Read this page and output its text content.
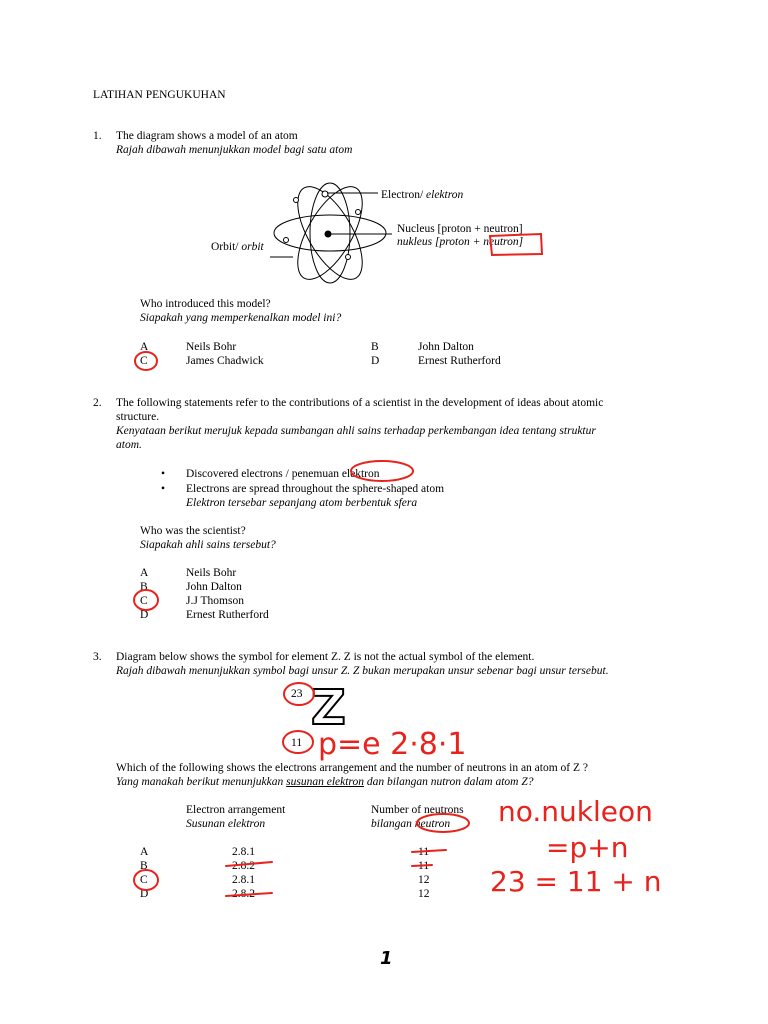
LATIHAN PENGUKUHAN
1. The diagram shows a model of an atom
Rajah dibawah menunjukkan model bagi satu atom
Electron/ elektron
Nucleus [proton + neutron]
nukleus [proton + neutron]
Orbit/ orbit
Who introduced this model?
Siapakah yang memperkenalkan model ini?
A	Neils Bohr	B	John Dalton
C	James Chadwick	D	Ernest Rutherford
2. The following statements refer to the contributions of a scientist in the development of ideas about atomic
structure.
Kenyataan berikut merujuk kepada sumbangan ahli sains terhadap perkembangan idea tentang struktur
atom.
• Discovered electrons / penemuan elektron
• Electrons are spread throughout the sphere-shaped atom
Elektron tersebar sepanjang atom berbentuk sfera
Who was the scientist?
Siapakah ahli sains tersebut?
A	Neils Bohr
B	John Dalton
C	J.J Thomson
D	Ernest Rutherford
3. Diagram below shows the symbol for element Z. Z is not the actual symbol of the element.
Rajah dibawah menunjukkan symbol bagi unsur Z. Z bukan merupakan unsur sebenar bagi unsur tersebut.
23
11
Z
Which of the following shows the electrons arrangement and the number of neutrons in an atom of Z ?
Yang manakah berikut menunjukkan susunan elektron dan bilangan nutron dalam atom Z?
Electron arrangement
Susunan elektron
Number of neutrons
bilangan neutron
A	2.8.1	11
B	2.8.2	11
C	2.8.1	12
D	2.8.2	12
p=e 2·8·1
no.nukleon
=p+n
23 = 11 + n
1
